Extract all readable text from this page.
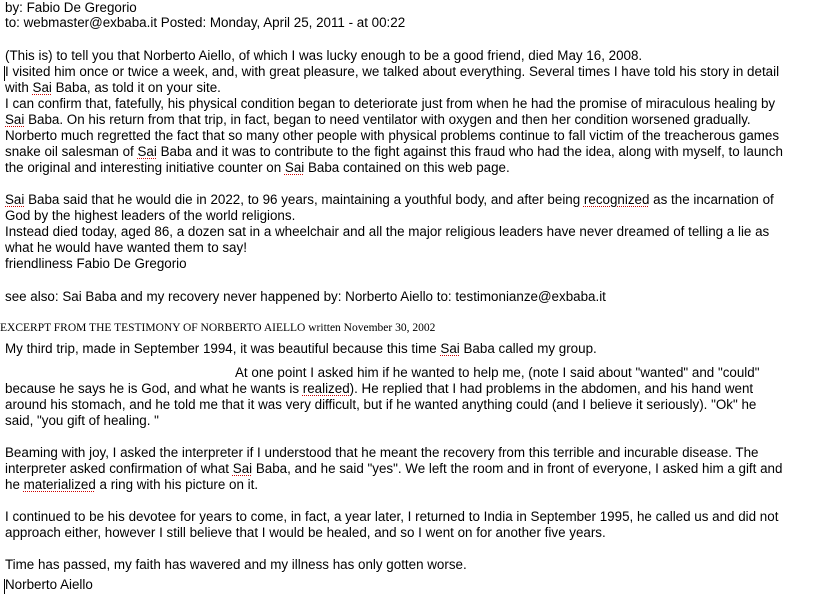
by: Fabio De Gregorio
to: webmaster@exbaba.it Posted: Monday, April 25, 2011 - at 00:22
(This is) to tell you that Norberto Aiello, of which I was lucky enough to be a good friend, died May 16, 2008.
I visited him once or twice a week, and, with great pleasure, we talked about everything. Several times I have told his story in detail
with Sai Baba, as told it on your site.
I can confirm that, fatefully, his physical condition began to deteriorate just from when he had the promise of miraculous healing by
Sai Baba. On his return from that trip, in fact, began to need ventilator with oxygen and then her condition worsened gradually.
Norberto much regretted the fact that so many other people with physical problems continue to fall victim of the treacherous games
snake oil salesman of Sai Baba and it was to contribute to the fight against this fraud who had the idea, along with myself, to launch
the original and interesting initiative counter on Sai Baba contained on this web page.
Sai Baba said that he would die in 2022, to 96 years, maintaining a youthful body, and after being recognized as the incarnation of
God by the highest leaders of the world religions.
Instead died today, aged 86, a dozen sat in a wheelchair and all the major religious leaders have never dreamed of telling a lie as
what he would have wanted them to say!
friendliness Fabio De Gregorio
see also: Sai Baba and my recovery never happened by: Norberto Aiello to: testimonianze@exbaba.it
EXCERPT FROM THE TESTIMONY OF NORBERTO AIELLO written November 30, 2002
My third trip, made in September 1994, it was beautiful because this time Sai Baba called my group.
At one point I asked him if he wanted to help me, (note I said about "wanted" and "could"
because he says he is God, and what he wants is realized). He replied that I had problems in the abdomen, and his hand went
around his stomach, and he told me that it was very difficult, but if he wanted anything could (and I believe it seriously). "Ok" he
said, "you gift of healing. "
Beaming with joy, I asked the interpreter if I understood that he meant the recovery from this terrible and incurable disease. The
interpreter asked confirmation of what Sai Baba, and he said "yes". We left the room and in front of everyone, I asked him a gift and
he materialized a ring with his picture on it.
I continued to be his devotee for years to come, in fact, a year later, I returned to India in September 1995, he called us and did not
approach either, however I still believe that I would be healed, and so I went on for another five years.
Time has passed, my faith has wavered and my illness has only gotten worse.
Norberto Aiello
